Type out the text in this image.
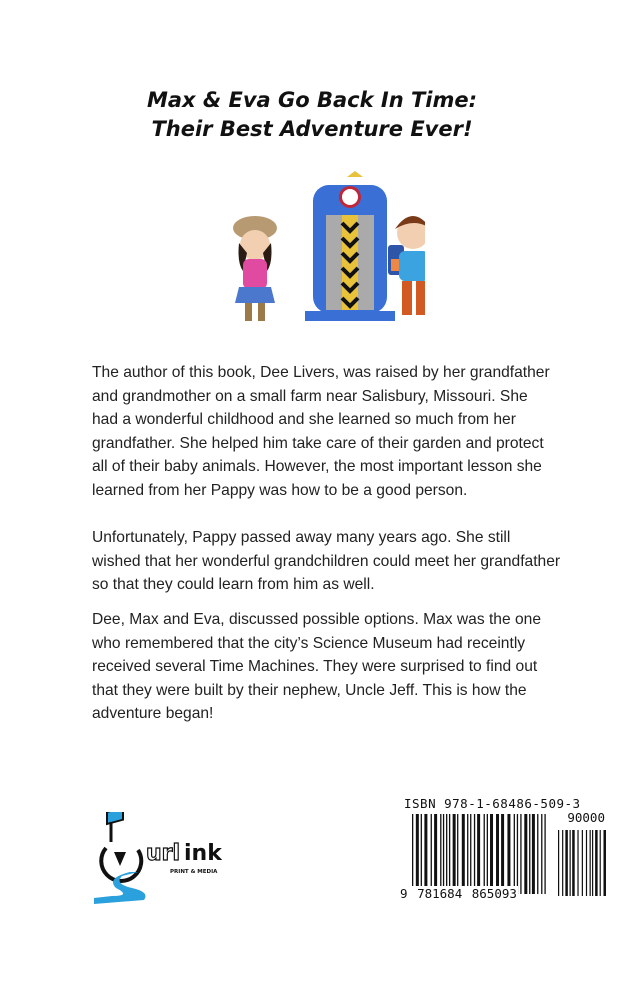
Max & Eva Go Back In Time:
Their Best Adventure Ever!
The author of this book, Dee Livers, was raised by her grandfather
and grandmother on a small farm near Salisbury, Missouri. She
had a wonderful childhood and she learned so much from her
grandfather. She helped him take care of their garden and protect
all of their baby animals. However, the most important lesson she
learned from her Pappy was how to be a good person.
Unfortunately, Pappy passed away many years ago. She still
wished that her wonderful grandchildren could meet her grandfather
so that they could learn from him as well.
Dee, Max and Eva, discussed possible options. Max was the one
who remembered that the city’s Science Museum had receintly
received several Time Machines. They were surprised to find out
that they were built by their nephew, Uncle Jeff. This is how the
adventure began!
url ink
PRINT & MEDIA
ISBN 978-1-68486-509-3
90000
9 781684 865093
